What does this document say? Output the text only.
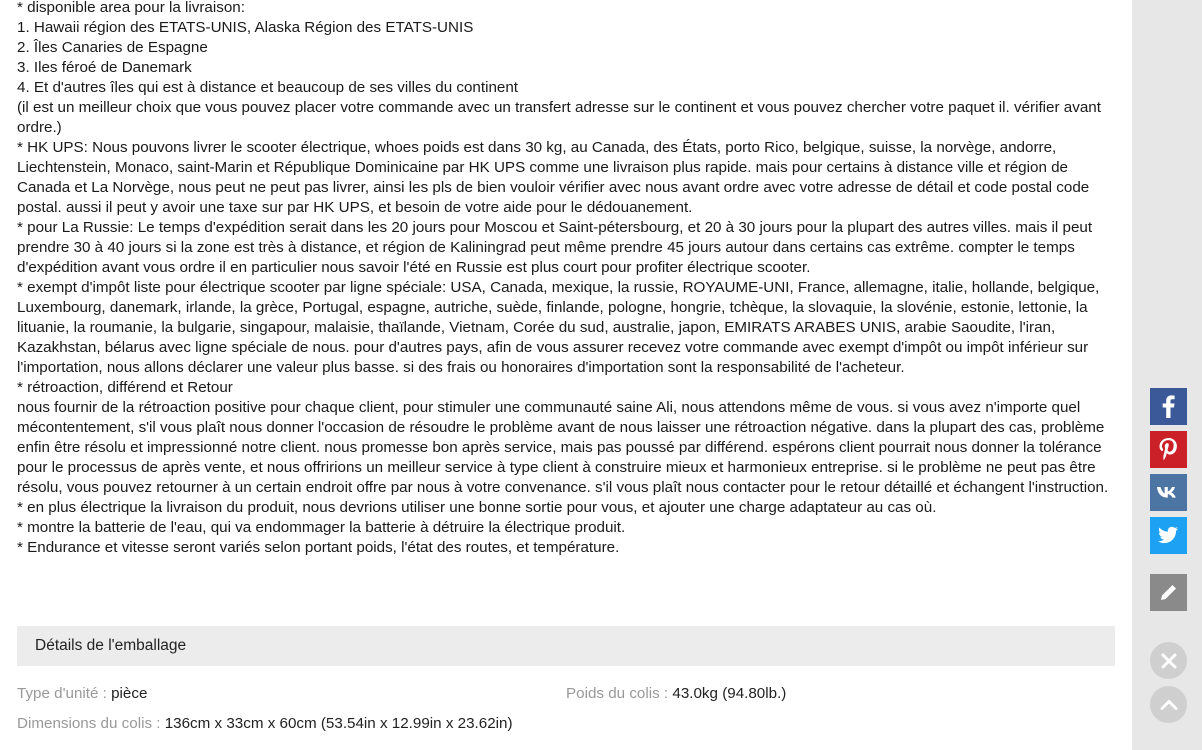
* disponible area pour la livraison:

1. Hawaii région des ETATS-UNIS, Alaska Région des ETATS-UNIS

2. Îles Canaries de Espagne

3. Iles féroé de Danemark

4. Et d'autres îles qui est à distance et beaucoup de ses villes du continent

(il est un meilleur choix que vous pouvez placer votre commande avec un transfert adresse sur le continent et vous pouvez chercher votre paquet il. vérifier avant ordre.)

* HK UPS: Nous pouvons livrer le scooter électrique, whoes poids est dans 30 kg, au Canada, des États, porto Rico, belgique, suisse, la norvège, andorre, Liechtenstein, Monaco, saint-Marin et République Dominicaine par HK UPS comme une livraison plus rapide. mais pour certains à distance ville et région de Canada et La Norvège, nous peut ne peut pas livrer, ainsi les pls de bien vouloir vérifier avec nous avant ordre avec votre adresse de détail et code postal code postal. aussi il peut y avoir une taxe sur par HK UPS, et besoin de votre aide pour le dédouanement.

* pour La Russie: Le temps d'expédition serait dans les 20 jours pour Moscou et Saint-pétersbourg, et 20 à 30 jours pour la plupart des autres villes. mais il peut prendre 30 à 40 jours si la zone est très à distance, et région de Kaliningrad peut même prendre 45 jours autour dans certains cas extrême. compter le temps d'expédition avant vous ordre il en particulier nous savoir l'été en Russie est plus court pour profiter électrique scooter.

* exempt d'impôt liste pour électrique scooter par ligne spéciale: USA, Canada, mexique, la russie, ROYAUME-UNI, France, allemagne, italie, hollande, belgique, Luxembourg, danemark, irlande, la grèce, Portugal, espagne, autriche, suède, finlande, pologne, hongrie, tchèque, la slovaquie, la slovénie, estonie, lettonie, la lituanie, la roumanie, la bulgarie, singapour, malaisie, thaïlande, Vietnam, Corée du sud, australie, japon, EMIRATS ARABES UNIS, arabie Saoudite, l'iran, Kazakhstan, bélarus avec ligne spéciale de nous. pour d'autres pays, afin de vous assurer recevez votre commande avec exempt d'impôt ou impôt inférieur sur l'importation, nous allons déclarer une valeur plus basse. si des frais ou honoraires d'importation sont la responsabilité de l'acheteur.

* rétroaction, différend et Retour

nous fournir de la rétroaction positive pour chaque client, pour stimuler une communauté saine Ali, nous attendons même de vous. si vous avez n'importe quel mécontentement, s'il vous plaît nous donner l'occasion de résoudre le problème avant de nous laisser une rétroaction négative. dans la plupart des cas, problème enfin être résolu et impressionné notre client. nous promesse bon après service, mais pas poussé par différend. espérons client pourrait nous donner la tolérance pour le processus de après vente, et nous offririons un meilleur service à type client à construire mieux et harmonieux entreprise. si le problème ne peut pas être résolu, vous pouvez retourner à un certain endroit offre par nous à votre convenance. s'il vous plaît nous contacter pour le retour détaillé et échangent l'instruction.

* en plus électrique la livraison du produit, nous devrions utiliser une bonne sortie pour vous, et ajouter une charge adaptateur au cas où.

* montre la batterie de l'eau, qui va endommager la batterie à détruire la électrique produit.

* Endurance et vitesse seront variés selon portant poids, l'état des routes, et température.

Détails de l'emballage
Type d'unité : pièce	Poids du colis : 43.0kg (94.80lb.)
Dimensions du colis : 136cm x 33cm x 60cm (53.54in x 12.99in x 23.62in)
